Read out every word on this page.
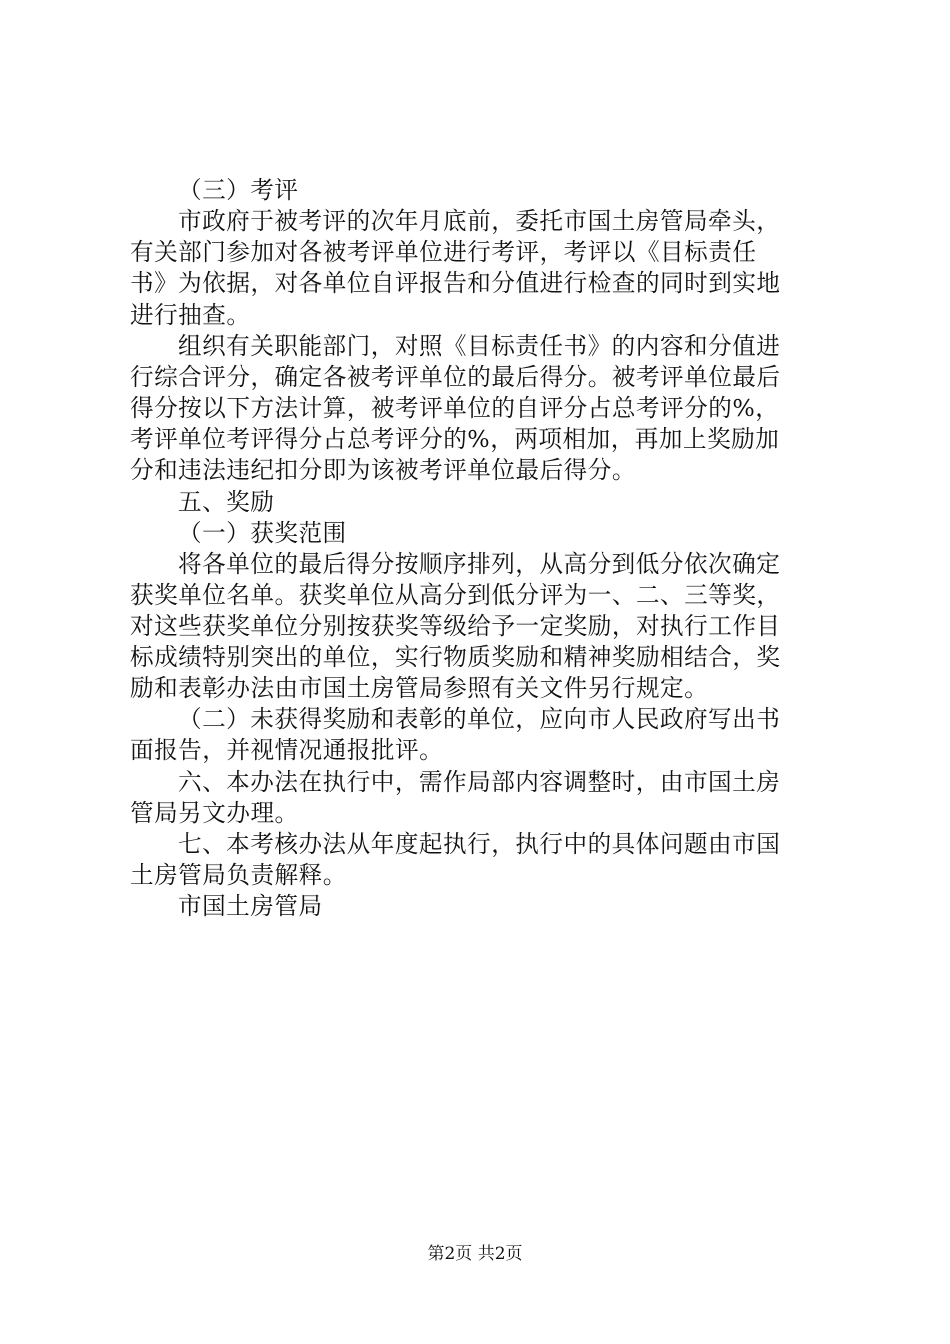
（三）考评
市政府于被考评的次年月底前，委托市国土房管局牵头，
有关部门参加对各被考评单位进行考评，考评以《目标责任
书》为依据，对各单位自评报告和分值进行检查的同时到实地
进行抽查。
组织有关职能部门，对照《目标责任书》的内容和分值进
行综合评分，确定各被考评单位的最后得分。被考评单位最后
得分按以下方法计算，被考评单位的自评分占总考评分的%，
考评单位考评得分占总考评分的%，两项相加，再加上奖励加
分和违法违纪扣分即为该被考评单位最后得分。
五、奖励
（一）获奖范围
将各单位的最后得分按顺序排列，从高分到低分依次确定
获奖单位名单。获奖单位从高分到低分评为一、二、三等奖，
对这些获奖单位分别按获奖等级给予一定奖励，对执行工作目
标成绩特别突出的单位，实行物质奖励和精神奖励相结合，奖
励和表彰办法由市国土房管局参照有关文件另行规定。
（二）未获得奖励和表彰的单位，应向市人民政府写出书
面报告，并视情况通报批评。
六、本办法在执行中，需作局部内容调整时，由市国土房
管局另文办理。
七、本考核办法从年度起执行，执行中的具体问题由市国
土房管局负责解释。
市国土房管局
第2页 共2页
